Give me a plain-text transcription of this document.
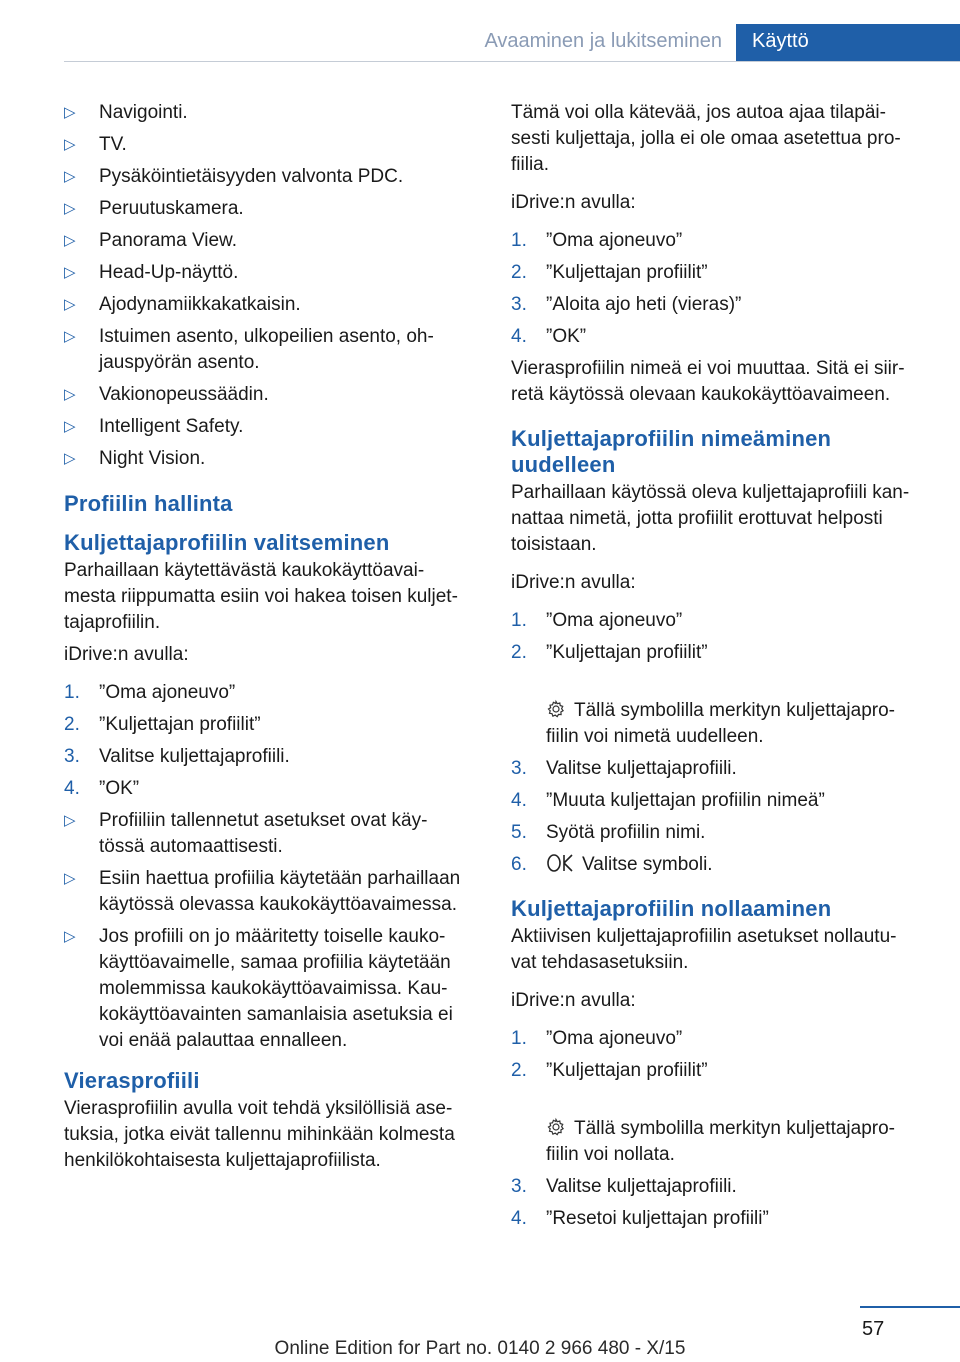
Avaaminen ja lukitseminen	Käyttö
▷ Navigointi.
▷ TV.
▷ Pysäköintietäisyyden valvonta PDC.
▷ Peruutuskamera.
▷ Panorama View.
▷ Head-Up-näyttö.
▷ Ajodynamiikkakatkaisin.
▷ Istuimen asento, ulkopeilien asento, oh-
jauspyörän asento.
▷ Vakionopeussäädin.
▷ Intelligent Safety.
▷ Night Vision.
Profiilin hallinta
Kuljettajaprofiilin valitseminen
Parhaillaan käytettävästä kaukokäyttöavai-
mesta riippumatta esiin voi hakea toisen kuljet-
tajaprofiilin.
iDrive:n avulla:
1. ”Oma ajoneuvo”
2. ”Kuljettajan profiilit”
3. Valitse kuljettajaprofiili.
4. ”OK”
▷ Profiiliin tallennetut asetukset ovat käy-
tössä automaattisesti.
▷ Esiin haettua profiilia käytetään parhaillaan
käytössä olevassa kaukokäyttöavaimessa.
▷ Jos profiili on jo määritetty toiselle kauko-
käyttöavaimelle, samaa profiilia käytetään
molemmissa kaukokäyttöavaimissa. Kau-
kokäyttöavainten samanlaisia asetuksia ei
voi enää palauttaa ennalleen.
Vierasprofiili
Vierasprofiilin avulla voit tehdä yksilöllisiä ase-
tuksia, jotka eivät tallennu mihinkään kolmesta
henkilökohtaisesta kuljettajaprofiilista.
Tämä voi olla kätevää, jos autoa ajaa tilapäi-
sesti kuljettaja, jolla ei ole omaa asetettua pro-
fiilia.
iDrive:n avulla:
1. ”Oma ajoneuvo”
2. ”Kuljettajan profiilit”
3. ”Aloita ajo heti (vieras)”
4. ”OK”
Vierasprofiilin nimeä ei voi muuttaa. Sitä ei siir-
retä käytössä olevaan kaukokäyttöavaimeen.
Kuljettajaprofiilin nimeäminen
uudelleen
Parhaillaan käytössä oleva kuljettajaprofiili kan-
nattaa nimetä, jotta profiilit erottuvat helposti
toisistaan.
iDrive:n avulla:
1. ”Oma ajoneuvo”
2. ”Kuljettajan profiilit”

Tällä symbolilla merkityn kuljettajapro-
fiilin voi nimetä uudelleen.

3. Valitse kuljettajaprofiili.
4. ”Muuta kuljettajan profiilin nimeä”
5. Syötä profiilin nimi.
6.	Valitse symboli.
Kuljettajaprofiilin nollaaminen
Aktiivisen kuljettajaprofiilin asetukset nollautu-
vat tehdasasetuksiin.
iDrive:n avulla:
1. ”Oma ajoneuvo”
2. ”Kuljettajan profiilit”

Tällä symbolilla merkityn kuljettajapro-
fiilin voi nollata.

3. Valitse kuljettajaprofiili.
4. ”Resetoi kuljettajan profiili”
57
Online Edition for Part no. 0140 2 966 480 - X/15
